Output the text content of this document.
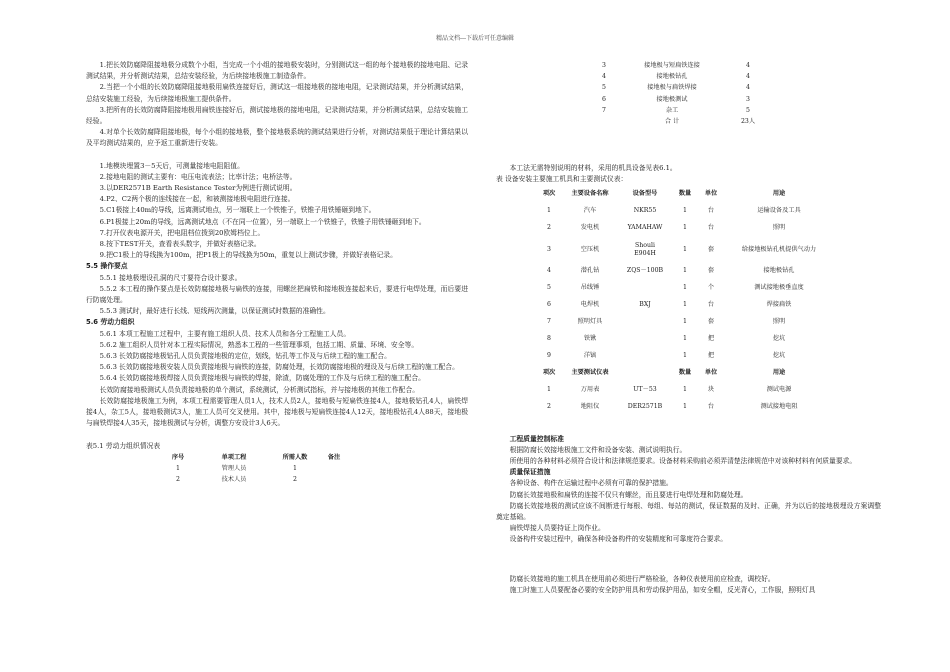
精品文档---下载后可任意编辑

1.把长效防腐降阻接地极分成数个小组，当完成一个小组的接地极安装时，分别测试这一组的每个接地极的接地电阻、记录测试结果，并分析测试结果，总结安装经验，为后续接地极施工制造条件。

2.当把一个小组的长效防腐降阻接地极用扁铁连接好后，测试这一组接地极的接地电阻，记录测试结果，并分析测试结果，总结安装施工经验，为后续接地极施工提供条件。

3.把所有的长效防腐降阻接地极用扁铁连接好后，测试接地极的接地电阻，记录测试结果，并分析测试结果，总结安装施工经验。

4.对单个长效防腐降阻接地极，每个小组的接地极，整个接地极系统的测试结果进行分析，对测试结果低于理论计算结果以及平均测试结果的，应予返工重新进行安装。

1.地模块埋置3－5天后，可测量接地电阻阻值。

2.接地电阻的测试主要有：电压电流表法；比率计法；电桥法等。

3.以DER2571B Earth Resistance Tester为例进行测试说明。

4.P2、C2两个极的连线接在一起，和被测接地极电阻进行连接。

5.C1极接上40m的导线，远离测试地点，另一端联上一个铁锥子，铁锥子用铁锤砸到地下。

6.P1极接上20m的导线，远离测试地点（不在同一位置），另一端联上一个铁锥子，铁锥子用铁锤砸到地下。

7.打开仪表电源开关，把电阻档位拨到20欧姆档位上。

8.按下TEST开关，查看表头数字，并做好表格记录。

9.把C1极上的导线换为100m，把P1极上的导线换为50m，重复以上测试步骤，并做好表格记录。

5.5 操作要点

5.5.1 接地极埋设孔洞的尺寸要符合设计要求。

5.5.2 本工程的操作要点是长效防腐接地极与扁铁的连接，用螺丝把扁铁和接地极连接起来后，要进行电焊处理，而后要进行防腐处理。

5.5.3 测试时，最好进行长线、短线两次测量，以保证测试时数据的准确性。

5.6 劳动力组织

5.6.1 本项工程施工过程中，主要有施工组织人员、技术人员和各分工程施工人员。

5.6.2 施工组织人员针对本工程实际情况，熟悉本工程的一些管理事项，包括工期、质量、环境、安全等。

5.6.3 长效防腐接地极钻孔人员负责接地极的定位，划线，钻孔等工作及与后续工程的施工配合。

5.6.3 长效防腐接地极安装人员负责接地极与扁铁的连接，防腐处理，长效防腐接地极的埋设及与后续工程的施工配合。

5.6.4 长效防腐接地极焊接人员负责接地极与扁铁的焊接，除渣，防腐处理的工作及与后续工程的施工配合。

长效防腐接地极测试人员负责接地极的单个测试，系统测试，分析测试指标，并与接地极的其他工作配合。

长效防腐接地极施工为例，本项工程需要管理人员1人，技术人员2人，接地极与短扁铁连接4人，接地极钻孔4人，扁铁焊接4人，杂工5人，接地极测试3人，施工人员可交叉使用。其中，接地极与短扁铁连接4人12天，接地极钻孔4人88天，接地极与扁铁焊接4人35天，接地极测试与分析，调整方安设计3人6天。

表5.1 劳动力组织情况表

序号	单项工程	所需人数	备注
1	管理人员	1	
2	技术人员	2	
3	接地极与短扁铁连接	4
4	接地极钻孔	4
5	接地极与扁铁焊接	4
6	接地极测试	3
7	杂工	5
	合 计	23人

本工法无需特别说明的材料，采用的机具设备见表6.1。

表 设备安装主要施工机具和主要测试仪表：

项次	主要设备名称	设备型号	数量	单位	用途
1	汽车	NKR55	1	台	运输设备及工具
2	发电机	YAMAHAW	1	台	照明
3	空压机	Shouli E904H	1	套	给接地极钻孔机提供气动力
4	潜孔钻	ZQS－100B	1	套	接地极钻孔
5	吊线锤		1	个	测试接地极垂直度
6	电焊机	BXJ	1	台	焊接扁铁
7	照明灯具		1	套	照明
8	铁锹		1	把	挖坑
9	洋镐		1	把	挖坑
项次	主要测试仪表		数量	单位	用途
1	万用表	UT－53	1	块	测试电源
2	地阻仪	DER2571B	1	台	测试接地电阻

工程质量控制标准

根据防腐长效接地极施工文件和设备安装、测试说明执行。

所使用的各种材料必须符合设计和法律规范要求。设备材料采购前必须弄清楚法律规范中对该种材料有何质量要求。

质量保证措施

各种设备、构件在运输过程中必须有可靠的保护措施。

防腐长效接地极和扁铁的连接不仅只有螺丝，而且要进行电焊处理和防腐处理。

防腐长效接地极的测试应该不间断进行每根、每组、每站的测试，保证数据的及时、正确，并为以后的接地极埋设方案调整奠定基础。

扁铁焊接人员要持证上岗作业。

设备构件安装过程中，确保各种设备构件的安装精度和可靠度符合要求。

防腐长效接地的施工机具在使用前必须进行严格检验，各种仪表使用前应检查，调校好。

施工时施工人员要配备必要的安全防护用具和劳动保护用品，如安全帽，反光背心，工作服，照明灯具
